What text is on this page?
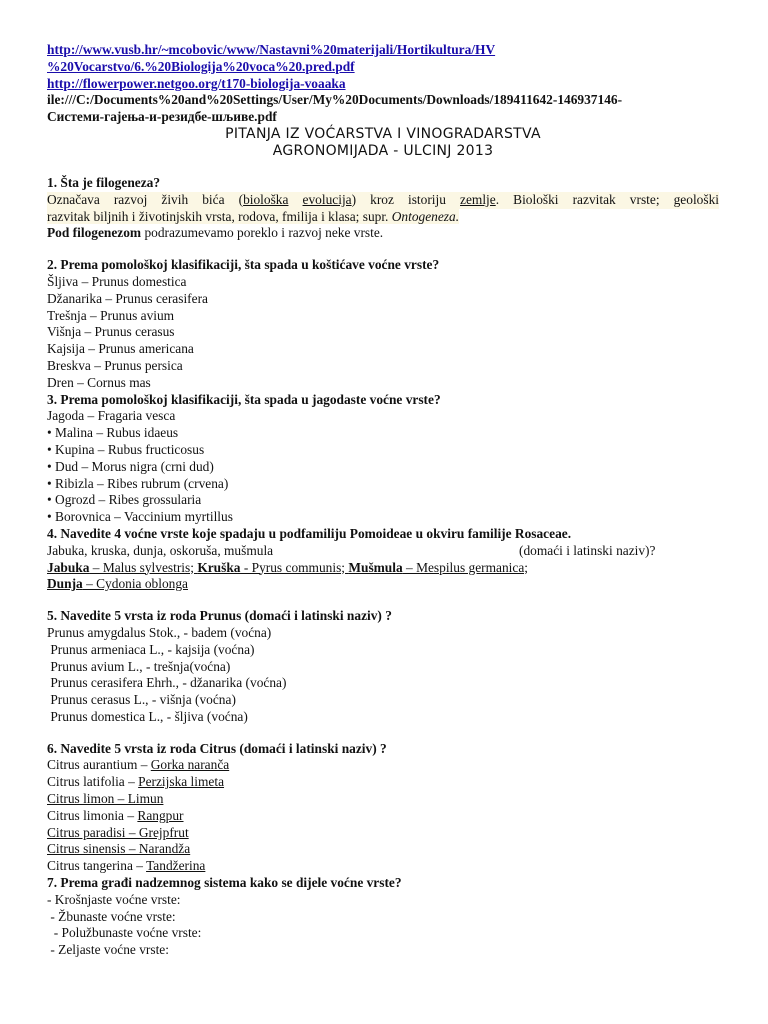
http://www.vusb.hr/~mcobovic/www/Nastavni%20materijali/Hortikultura/HV
%20Vocarstvo/6.%20Biologija%20voca%20.pred.pdf
http://flowerpower.netgoo.org/t170-biologija-voaaka
ile:///C:/Documents%20and%20Settings/User/My%20Documents/Downloads/189411642-146937146-
Системи-гајења-и-резидбе-шљиве.pdf
PITANJA IZ VOĆARSTVA I VINOGRADARSTVA
AGRONOMIJADA - ULCINJ 2013
1. Šta je filogeneza?
Označava razvoj živih bića (biološka evolucija) kroz istoriju zemlje. Biološki razvitak vrste; geološki
razvitak biljnih i životinjskih vrsta, rodova, fmilija i klasa; supr. Ontogeneza.
Pod filogenezom podrazumevamo poreklo i razvoj neke vrste.
2. Prema pomološkoj klasifikaciji, šta spada u koštićave voćne vrste?
Šljiva – Prunus domestica
Džanarika – Prunus cerasifera
Trešnja – Prunus avium
Višnja – Prunus cerasus
Kajsija – Prunus americana
Breskva – Prunus persica
Dren – Cornus mas
3. Prema pomološkoj klasifikaciji, šta spada u jagodaste voćne vrste?
Jagoda – Fragaria vesca
• Malina – Rubus idaeus
• Kupina – Rubus fructicosus
• Dud – Morus nigra (crni dud)
• Ribizla – Ribes rubrum (crvena)
• Ogrozd – Ribes grossularia
• Borovnica – Vaccinium myrtillus
4. Navedite 4 voćne vrste koje spadaju u podfamiliju Pomoideae u okviru familije Rosaceae.
Jabuka, kruska, dunja, oskoruša, mušmula	(domaći i latinski naziv)?
Jabuka – Malus sylvestris; Kruška - Pyrus communis; Mušmula – Mespilus germanica;
Dunja – Cydonia oblonga
5. Navedite 5 vrsta iz roda Prunus (domaći i latinski naziv) ?
Prunus amygdalus Stok., - badem (voćna)
Prunus armeniaca L., - kajsija (voćna)
Prunus avium L., - trešnja(voćna)
Prunus cerasifera Ehrh., - džanarika (voćna)
Prunus cerasus L., - višnja (voćna)
Prunus domestica L., - šljiva (voćna)
6. Navedite 5 vrsta iz roda Citrus (domaći i latinski naziv) ?
Citrus aurantium – Gorka naranča
Citrus latifolia – Perzijska limeta
Citrus limon – Limun
Citrus limonia – Rangpur
Citrus paradisi – Grejpfrut
Citrus sinensis – Narandža
Citrus tangerina – Tandžerina
7. Prema građi nadzemnog sistema kako se dijele voćne vrste?
- Krošnjaste voćne vrste:
- Žbunaste voćne vrste:
- Polužbunaste voćne vrste:
- Zeljaste voćne vrste:
